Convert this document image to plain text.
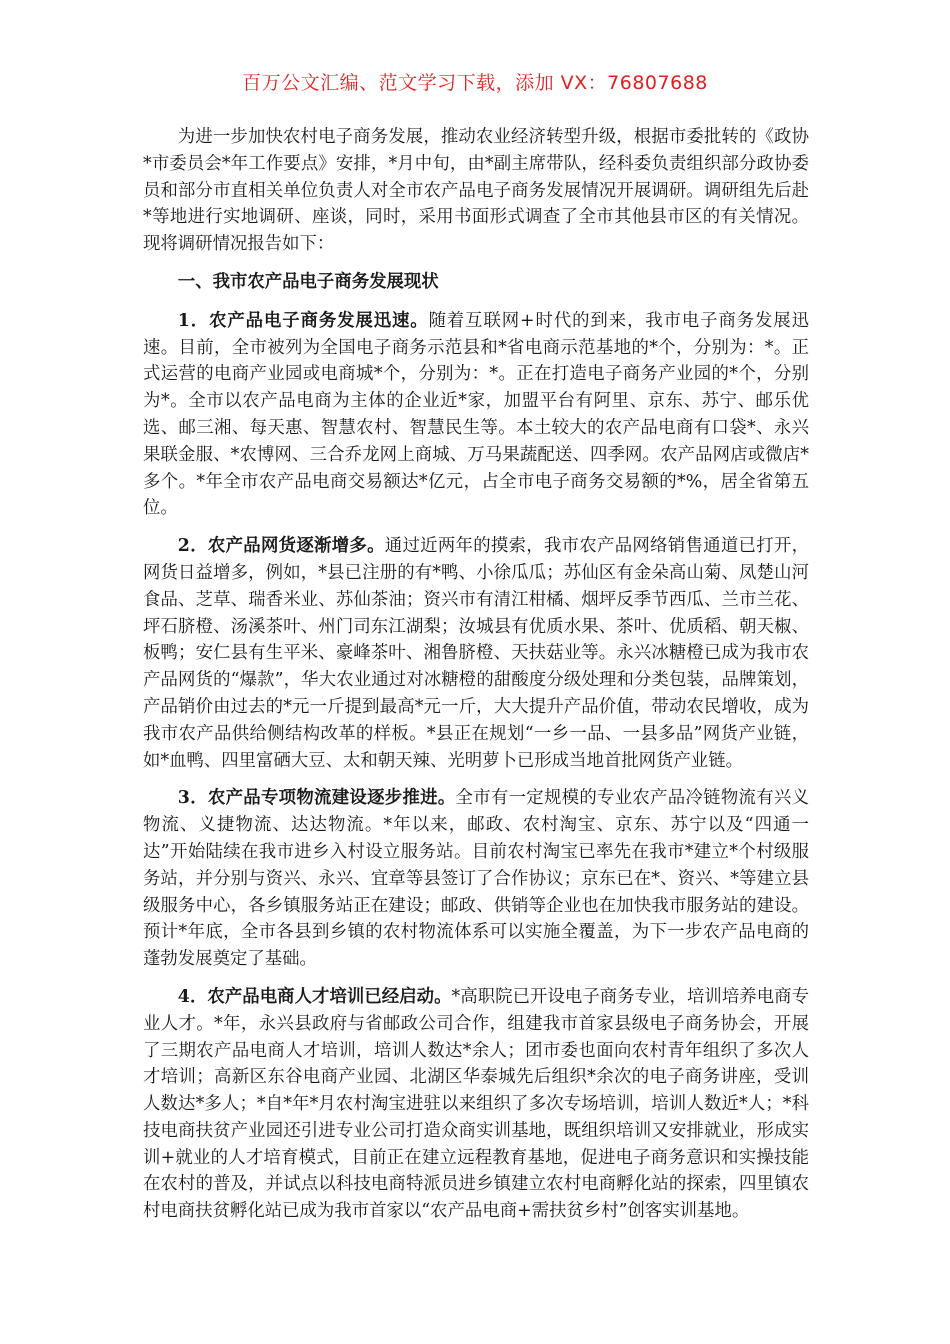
百万公文汇编、范文学习下载，添加 VX：76807688

为进一步加快农村电子商务发展，推动农业经济转型升级，根据市委批转的《政协*市委员会*年工作要点》安排，*月中旬，由*副主席带队，经科委负责组织部分政协委员和部分市直相关单位负责人对全市农产品电子商务发展情况开展调研。调研组先后赴*等地进行实地调研、座谈，同时，采用书面形式调查了全市其他县市区的有关情况。现将调研情况报告如下：

一、我市农产品电子商务发展现状

1．农产品电子商务发展迅速。随着互联网+时代的到来，我市电子商务发展迅速。目前，全市被列为全国电子商务示范县和*省电商示范基地的*个，分别为：*。正式运营的电商产业园或电商城*个，分别为：*。正在打造电子商务产业园的*个，分别为*。全市以农产品电商为主体的企业近*家，加盟平台有阿里、京东、苏宁、邮乐优选、邮三湘、每天惠、智慧农村、智慧民生等。本土较大的农产品电商有口袋*、永兴果联金服、*农博网、三合乔龙网上商城、万马果蔬配送、四季网。农产品网店或微店*多个。*年全市农产品电商交易额达*亿元，占全市电子商务交易额的*%，居全省第五位。

2．农产品网货逐渐增多。通过近两年的摸索，我市农产品网络销售通道已打开，网货日益增多，例如，*县已注册的有*鸭、小徐瓜瓜；苏仙区有金朵高山菊、凤楚山河食品、芝草、瑞香米业、苏仙茶油；资兴市有清江柑橘、烟坪反季节西瓜、兰市兰花、坪石脐橙、汤溪茶叶、州门司东江湖梨；汝城县有优质水果、茶叶、优质稻、朝天椒、板鸭；安仁县有生平米、豪峰茶叶、湘鲁脐橙、天扶菇业等。永兴冰糖橙已成为我市农产品网货的“爆款”，华大农业通过对冰糖橙的甜酸度分级处理和分类包装，品牌策划，产品销价由过去的*元一斤提到最高*元一斤，大大提升产品价值，带动农民增收，成为我市农产品供给侧结构改革的样板。*县正在规划“一乡一品、一县多品”网货产业链，如*血鸭、四里富硒大豆、太和朝天辣、光明萝卜已形成当地首批网货产业链。

3．农产品专项物流建设逐步推进。全市有一定规模的专业农产品冷链物流有兴义物流、义捷物流、达达物流。*年以来，邮政、农村淘宝、京东、苏宁以及“四通一达”开始陆续在我市进乡入村设立服务站。目前农村淘宝已率先在我市*建立*个村级服务站，并分别与资兴、永兴、宜章等县签订了合作协议；京东已在*、资兴、*等建立县级服务中心，各乡镇服务站正在建设；邮政、供销等企业也在加快我市服务站的建设。预计*年底，全市各县到乡镇的农村物流体系可以实施全覆盖，为下一步农产品电商的蓬勃发展奠定了基础。

4．农产品电商人才培训已经启动。*高职院已开设电子商务专业，培训培养电商专业人才。*年，永兴县政府与省邮政公司合作，组建我市首家县级电子商务协会，开展了三期农产品电商人才培训，培训人数达*余人；团市委也面向农村青年组织了多次人才培训；高新区东谷电商产业园、北湖区华泰城先后组织*余次的电子商务讲座，受训人数达*多人；*自*年*月农村淘宝进驻以来组织了多次专场培训，培训人数近*人；*科技电商扶贫产业园还引进专业公司打造众商实训基地，既组织培训又安排就业，形成实训+就业的人才培育模式，目前正在建立远程教育基地，促进电子商务意识和实操技能在农村的普及，并试点以科技电商特派员进乡镇建立农村电商孵化站的探索，四里镇农村电商扶贫孵化站已成为我市首家以“农产品电商+需扶贫乡村”创客实训基地。
